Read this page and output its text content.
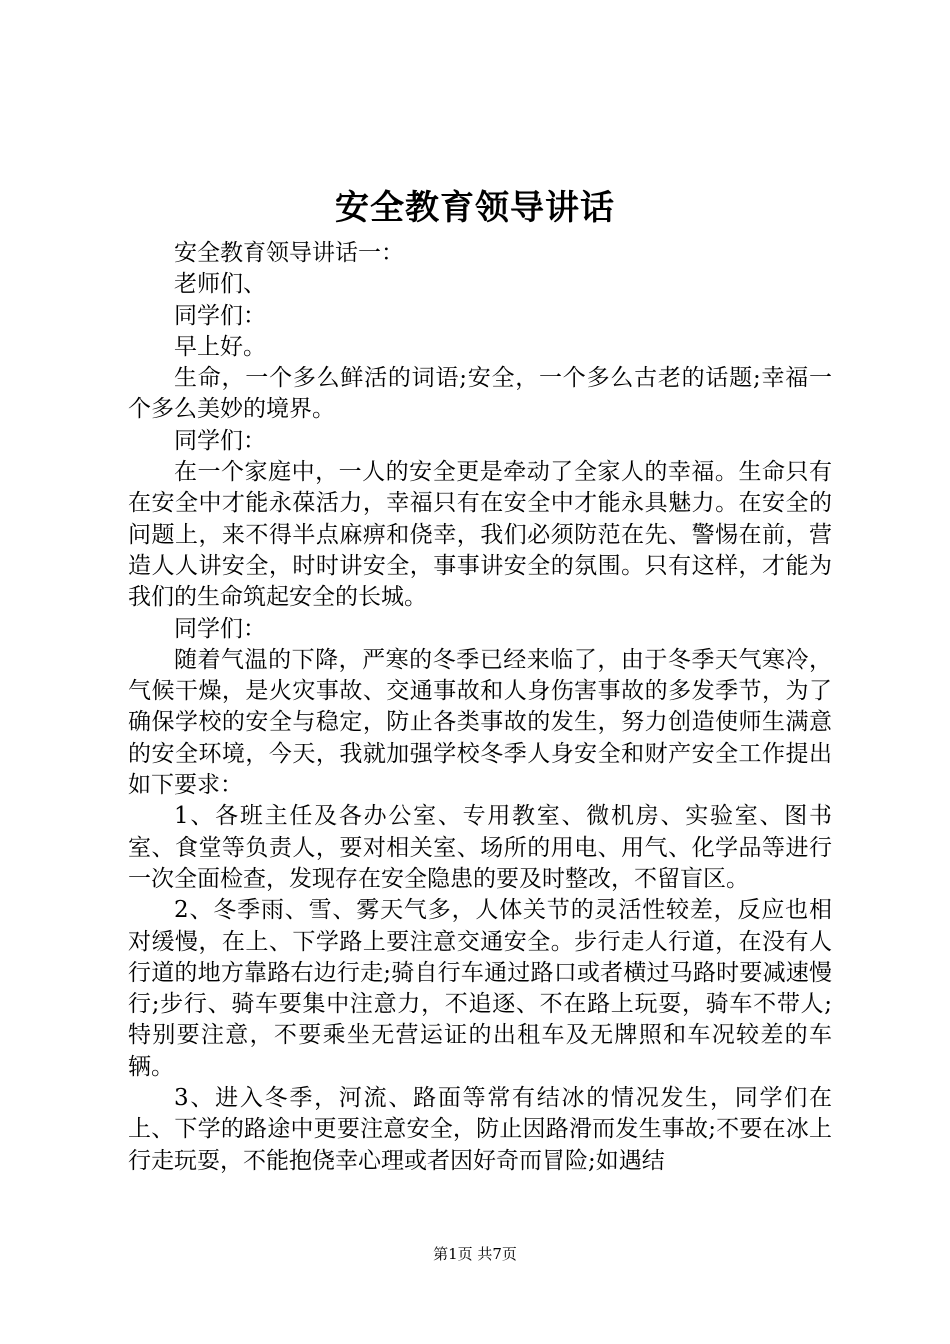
安全教育领导讲话

安全教育领导讲话一：

老师们、

同学们：

早上好。

生命，一个多么鲜活的词语;安全，一个多么古老的话题;幸福一个多么美妙的境界。

同学们：

在一个家庭中，一人的安全更是牵动了全家人的幸福。生命只有在安全中才能永葆活力，幸福只有在安全中才能永具魅力。在安全的问题上，来不得半点麻痹和侥幸，我们必须防范在先、警惕在前，营造人人讲安全，时时讲安全，事事讲安全的氛围。只有这样，才能为我们的生命筑起安全的长城。

同学们：

随着气温的下降，严寒的冬季已经来临了，由于冬季天气寒冷，气候干燥，是火灾事故、交通事故和人身伤害事故的多发季节，为了确保学校的安全与稳定，防止各类事故的发生，努力创造使师生满意的安全环境，今天，我就加强学校冬季人身安全和财产安全工作提出如下要求：

1、各班主任及各办公室、专用教室、微机房、实验室、图书室、食堂等负责人，要对相关室、场所的用电、用气、化学品等进行一次全面检查，发现存在安全隐患的要及时整改，不留盲区。

2、冬季雨、雪、雾天气多，人体关节的灵活性较差，反应也相对缓慢，在上、下学路上要注意交通安全。步行走人行道，在没有人行道的地方靠路右边行走;骑自行车通过路口或者横过马路时要减速慢行;步行、骑车要集中注意力，不追逐、不在路上玩耍，骑车不带人;特别要注意，不要乘坐无营运证的出租车及无牌照和车况较差的车辆。

3、进入冬季，河流、路面等常有结冰的情况发生，同学们在上、下学的路途中更要注意安全，防止因路滑而发生事故;不要在冰上行走玩耍，不能抱侥幸心理或者因好奇而冒险;如遇结

第1页 共7页
